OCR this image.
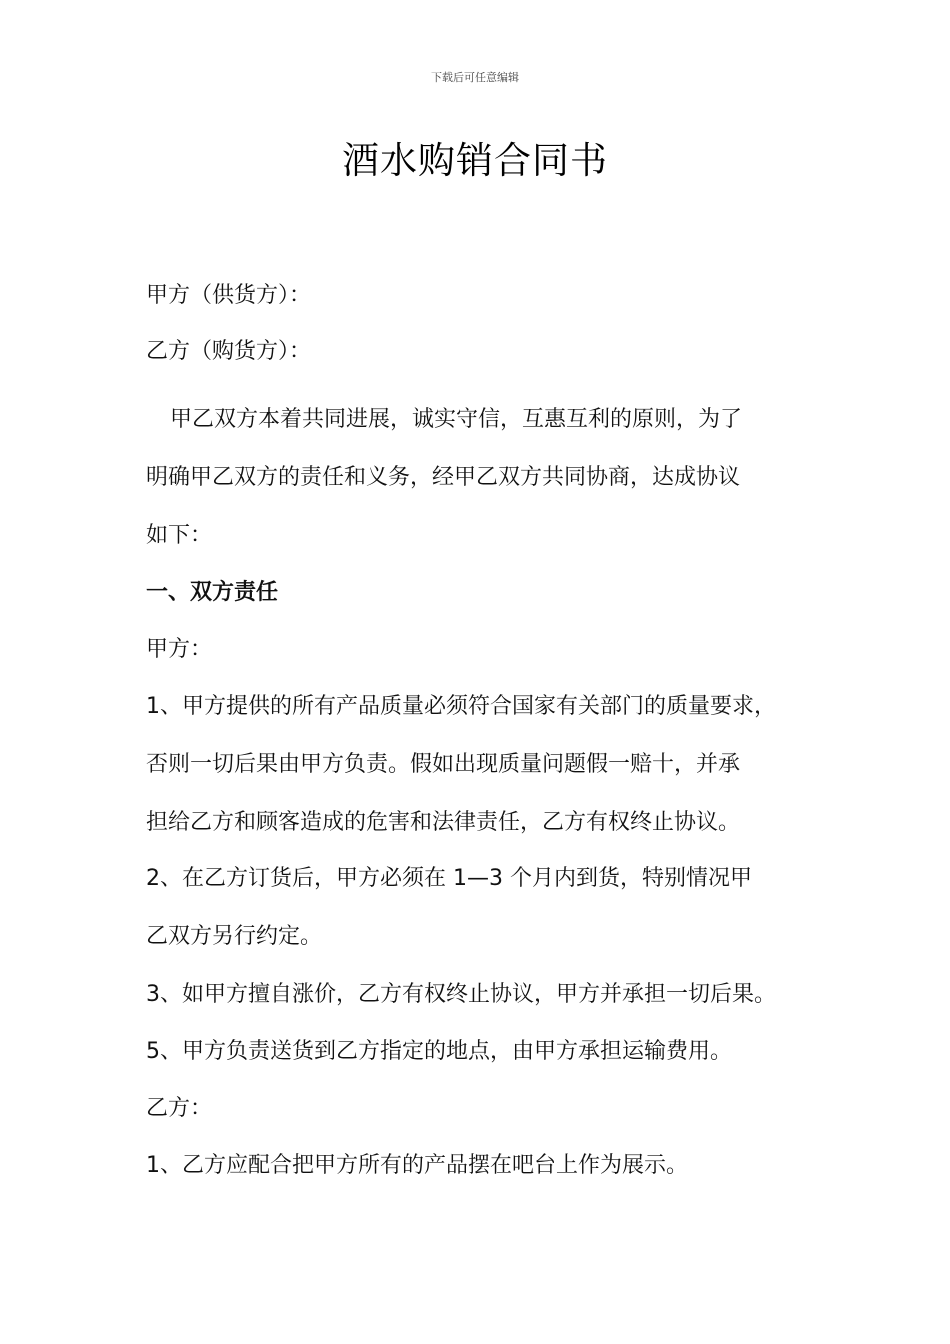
下载后可任意编辑
酒水购销合同书
甲方（供货方）：
乙方（购货方）：
甲乙双方本着共同进展，诚实守信，互惠互利的原则，为了
明确甲乙双方的责任和义务，经甲乙双方共同协商，达成协议
如下：
一、双方责任
甲方：
1、甲方提供的所有产品质量必须符合国家有关部门的质量要求，
否则一切后果由甲方负责。假如出现质量问题假一赔十，并承
担给乙方和顾客造成的危害和法律责任，乙方有权终止协议。
2、在乙方订货后，甲方必须在 1—3 个月内到货，特别情况甲
乙双方另行约定。
3、如甲方擅自涨价，乙方有权终止协议，甲方并承担一切后果。
5、甲方负责送货到乙方指定的地点，由甲方承担运输费用。
乙方：
1、乙方应配合把甲方所有的产品摆在吧台上作为展示。
